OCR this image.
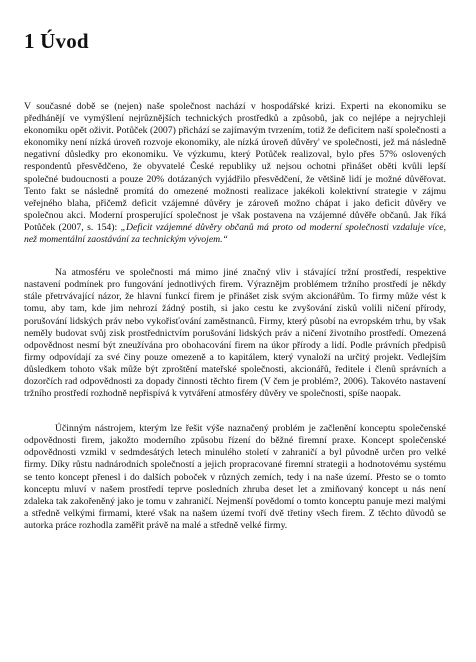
1 Úvod

V současné době se (nejen) naše společnost nachází v hospodářské krizi. Experti na ekonomiku se předhánějí ve vymýšlení nejrůznějších technických prostředků a způsobů, jak co nejlépe a nejrychleji ekonomiku opět oživit. Potůček (2007) přichází se zajímavým tvrzením, totiž že deficitem naší společnosti a ekonomiky není nízká úroveň rozvoje ekonomiky, ale nízká úroveň důvěry' ve společnosti, jež má následně negativní důsledky pro ekonomiku. Ve výzkumu, který Potůček realizoval, bylo přes 57% oslovených respondentů přesvědčeno, že obyvatelé České republiky už nejsou ochotni přinášet oběti kvůli lepší společné budoucnosti a pouze 20% dotázaných vyjádřilo přesvědčení, že většině lidí je možné důvěřovat. Tento fakt se následně promítá do omezené možnosti realizace jakékoli kolektivní strategie v zájmu veřejného blaha, přičemž deficit vzájemné důvěry je zároveň možno chápat i jako deficit důvěry ve společnou akci. Moderní prosperující společnost je však postavena na vzájemné důvěře občanů. Jak říká Potůček (2007, s. 154): „Deficit vzájemné důvěry občanů má proto od moderní společnosti vzdaluje více, než momentální zaostávání za technickým vývojem.“

Na atmosféru ve společnosti má mimo jiné značný vliv i stávající tržní prostředí, respektive nastavení podmínek pro fungování jednotlivých firem. Výraznějm problémem tržního prostředí je někdy stále přetrvávající názor, že hlavní funkcí firem je přinášet zisk svým akcionářům. To firmy může vést k tomu, aby tam, kde jim nehrozí žádný postih, si jako cestu ke zvyšování zisků volili ničení přírody, porušování lidských práv nebo vykořisťování zaměstnanců. Firmy, který působí na evropském trhu, by však neměly budovat svůj zisk prostřednictvím porušování lidských práv a ničení životního prostředí. Omezená odpovědnost nesmí být zneužívána pro obohacování firem na úkor přírody a lidí. Podle právních předpisů firmy odpovídají za své činy pouze omezeně a to kapitálem, který vynaloží na určitý projekt. Vedlejším důsledkem tohoto však může být zproštění mateřské společnosti, akcionářů, ředitele i členů správních a dozorčích rad odpovědnosti za dopady činnosti těchto firem (V čem je problém?, 2006). Takovéto nastavení tržního prostředí rozhodně nepřispívá k vytváření atmosféry důvěry ve společnosti, spíše naopak.

Účinným nástrojem, kterým lze řešit výše naznačený problém je začlenění konceptu společenské odpovědnosti firem, jakožto moderního způsobu řízení do běžné firemní praxe. Koncept společenské odpovědnosti vzmikl v sedmdesátých letech minulého století v zahraničí a byl původně určen pro velké firmy. Díky růstu nadnárodních společností a jejich propracované firemní strategii a hodnotovému systému se tento koncept přenesl i do dalších poboček v různých zemích, tedy i na naše území. Přesto se o tomto konceptu mluví v našem prostředí teprve posledních zhruba deset let a zmiňovaný koncept u nás není zdaleka tak zakořeněný jako je tomu v zahraničí. Nejmenší povědomí o tomto konceptu panuje mezi malými a středně velkými firmami, které však na našem území tvoří dvě třetiny všech firem. Z těchto důvodů se autorka práce rozhodla zaměřit právě na malé a středně velké firmy.
